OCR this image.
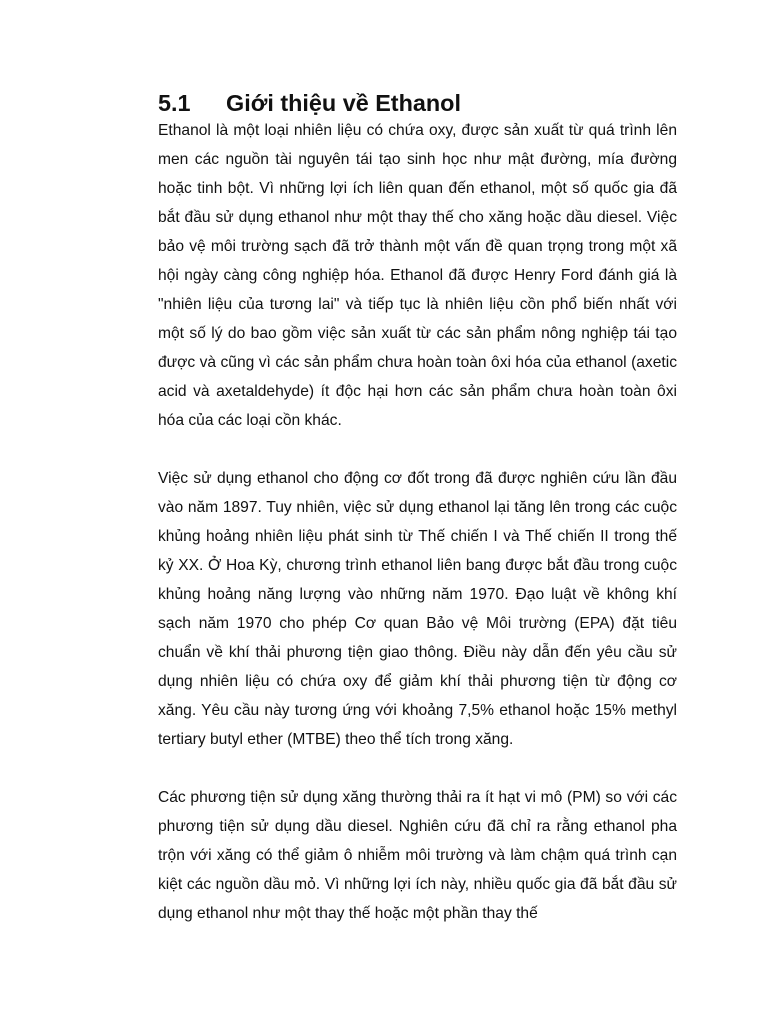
5.1 Giới thiệu về Ethanol

Ethanol là một loại nhiên liệu có chứa oxy, được sản xuất từ quá trình lên men các nguồn tài nguyên tái tạo sinh học như mật đường, mía đường hoặc tinh bột. Vì những lợi ích liên quan đến ethanol, một số quốc gia đã bắt đầu sử dụng ethanol như một thay thế cho xăng hoặc dầu diesel. Việc bảo vệ môi trường sạch đã trở thành một vấn đề quan trọng trong một xã hội ngày càng công nghiệp hóa. Ethanol đã được Henry Ford đánh giá là "nhiên liệu của tương lai" và tiếp tục là nhiên liệu cồn phổ biến nhất với một số lý do bao gồm việc sản xuất từ các sản phẩm nông nghiệp tái tạo được và cũng vì các sản phẩm chưa hoàn toàn ôxi hóa của ethanol (axetic acid và axetaldehyde) ít độc hại hơn các sản phẩm chưa hoàn toàn ôxi hóa của các loại cồn khác.

Việc sử dụng ethanol cho động cơ đốt trong đã được nghiên cứu lần đầu vào năm 1897. Tuy nhiên, việc sử dụng ethanol lại tăng lên trong các cuộc khủng hoảng nhiên liệu phát sinh từ Thế chiến I và Thế chiến II trong thế kỷ XX. Ở Hoa Kỳ, chương trình ethanol liên bang được bắt đầu trong cuộc khủng hoảng năng lượng vào những năm 1970. Đạo luật về không khí sạch năm 1970 cho phép Cơ quan Bảo vệ Môi trường (EPA) đặt tiêu chuẩn về khí thải phương tiện giao thông. Điều này dẫn đến yêu cầu sử dụng nhiên liệu có chứa oxy để giảm khí thải phương tiện từ động cơ xăng. Yêu cầu này tương ứng với khoảng 7,5% ethanol hoặc 15% methyl tertiary butyl ether (MTBE) theo thể tích trong xăng.

Các phương tiện sử dụng xăng thường thải ra ít hạt vi mô (PM) so với các phương tiện sử dụng dầu diesel. Nghiên cứu đã chỉ ra rằng ethanol pha trộn với xăng có thể giảm ô nhiễm môi trường và làm chậm quá trình cạn kiệt các nguồn dầu mỏ. Vì những lợi ích này, nhiều quốc gia đã bắt đầu sử dụng ethanol như một thay thế hoặc một phần thay thế
